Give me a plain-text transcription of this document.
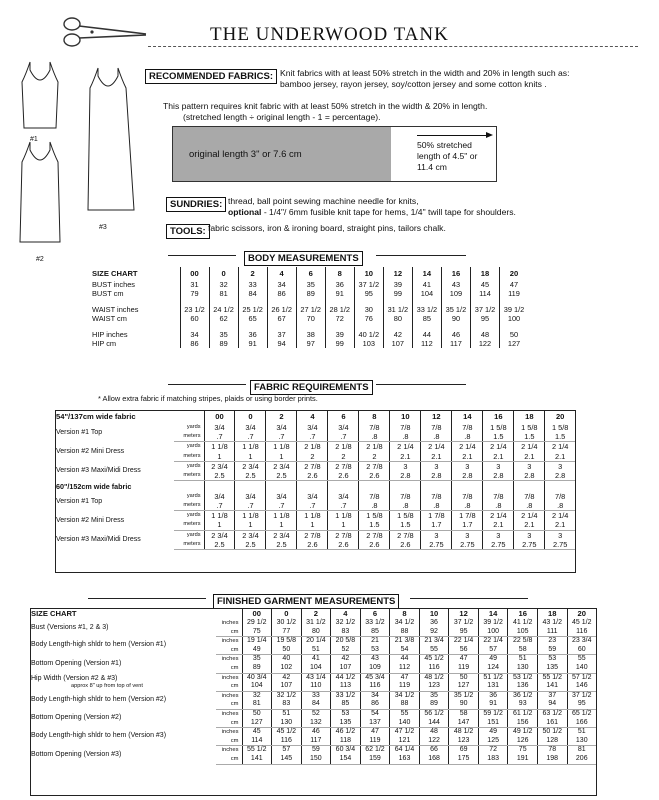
THE UNDERWOOD TANK
#1
#2
#3
RECOMMENDED FABRICS: Knit fabrics with at least 50% stretch in the width and 20% in length such as:
bamboo jersey, rayon jersey, soy/cotton jersey and some cotton knits .
This pattern requires knit fabric with at least 50% stretch in the width & 20% in length.
(stretched length ÷ original length - 1 = percentage).
original length 3" or 7.6 cm
50% stretched length of 4.5" or 11.4 cm
SUNDRIES: thread, ball point sewing machine needle for knits,
optional - 1/4"/ 6mm fusible knit tape for hems, 1/4" twill tape for shoulders.
TOOLS: fabric scissors, iron & ironing board, straight pins, tailors chalk.
BODY MEASUREMENTS
SIZE CHART	00	0	2	4	6	8	10	12	14	16	18	20
BUST inches	31	32	33	34	35	36	37 1/2	39	41	43	45	47
BUST cm	79	81	84	86	89	91	95	99	104	109	114	119

WAIST inches	23 1/2	24 1/2	25 1/2	26 1/2	27 1/2	28 1/2	30	31 1/2	33 1/2	35 1/2	37 1/2	39 1/2
WAIST cm	60	62	65	67	70	72	76	80	85	90	95	100

HIP inches	34	35	36	37	38	39	40 1/2	42	44	46	48	50
HIP cm	86	89	91	94	97	99	103	107	112	117	122	127
FABRIC REQUIREMENTS
* Allow extra fabric if matching stripes, plaids or using border prints.
54"/137cm wide fabric		00	0	2	4	6	8	10	12	14	16	18	20
Version #1 Top	yards	3/4	3/4	3/4	3/4	3/4	7/8	7/8	7/8	7/8	1 5/8	1 5/8	1 5/8
	meters	.7	.7	.7	.7	.7	.8	.8	.8	.8	1.5	1.5	1.5
Version #2 Mini Dress	yards	1 1/8	1 1/8	1 1/8	2 1/8	2 1/8	2 1/8	2 1/4	2 1/4	2 1/4	2 1/4	2 1/4	2 1/4
	meters	1	1	1	2	2	2	2.1	2.1	2.1	2.1	2.1	2.1
Version #3 Maxi/Midi Dress	yards	2 3/4	2 3/4	2 3/4	2 7/8	2 7/8	2 7/8	3	3	3	3	3	3
	meters	2.5	2.5	2.5	2.6	2.6	2.6	2.8	2.8	2.8	2.8	2.8	2.8
60"/152cm wide fabric													
Version #1 Top	yards	3/4	3/4	3/4	3/4	3/4	7/8	7/8	7/8	7/8	7/8	7/8	7/8
	meters	.7	.7	.7	.7	.7	.8	.8	.8	.8	.8	.8	.8
Version #2 Mini Dress	yards	1 1/8	1 1/8	1 1/8	1 1/8	1 1/8	1 5/8	1 5/8	1 7/8	1 7/8	2 1/4	2 1/4	2 1/4
	meters	1	1	1	1	1	1.5	1.5	1.7	1.7	2.1	2.1	2.1
Version #3 Maxi/Midi Dress	yards	2 3/4	2 3/4	2 3/4	2 7/8	2 7/8	2 7/8	2 7/8	3	3	3	3	3
	meters	2.5	2.5	2.5	2.6	2.6	2.6	2.6	2.75	2.75	2.75	2.75	2.75
FINISHED GARMENT MEASUREMENTS
SIZE CHART		00	0	2	4	6	8	10	12	14	16	18	20
Bust (Versions #1, 2 & 3)	inches	29 1/2	30 1/2	31 1/2	32 1/2	33 1/2	34 1/2	36	37 1/2	39 1/2	41 1/2	43 1/2	45 1/2
	cm	75	77	80	83	85	88	92	95	100	105	111	116
Body Length-high shldr to hem (Version #1)	inches	19 1/4	19 5/8	20 1/4	20 5/8	21	21 3/8	21 3/4	22 1/4	22 1/4	22 5/8	23	23 3/4
	cm	49	50	51	52	53	54	55	56	57	58	59	60
Bottom Opening (Version #1)	inches	35	40	41	42	43	44	45 1/2	47	49	51	53	55
	cm	89	102	104	107	109	112	116	119	124	130	135	140

Hip Width (Version #2 & #3)
approx 8" up from top of vent	inches	40 3/4	42	43 1/4	44 1/2	45 3/4	47	48 1/2	50	51 1/2	53 1/2	55 1/2	57 1/2
	cm	104	107	110	113	116	119	123	127	131	136	141	146
Body Length-high shldr to hem (Version #2)	inches	32	32 1/2	33	33 1/2	34	34 1/2	35	35 1/2	36	36 1/2	37	37 1/2
	cm	81	83	84	85	86	88	89	90	91	93	94	95
Bottom Opening (Version #2)	inches	50	51	52	53	54	55	56 1/2	58	59 1/2	61 1/2	63 1/2	65 1/2
	cm	127	130	132	135	137	140	144	147	151	156	161	166
Body Length-high shldr to hem (Version #3)	inches	45	45 1/2	46	46 1/2	47	47 1/2	48	48 1/2	49	49 1/2	50 1/2	51
	cm	114	116	117	118	119	121	122	123	125	126	128	130
Bottom Opening (Version #3)	inches	55 1/2	57	59	60 3/4	62 1/2	64 1/4	66	69	72	75	78	81
	cm	141	145	150	154	159	163	168	175	183	191	198	206
